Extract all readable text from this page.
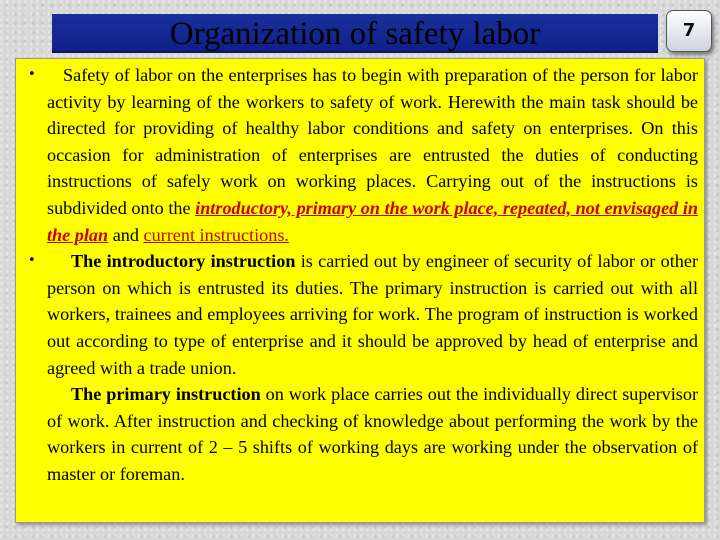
Organization of safety labor	7

• Safety of labor on the enterprises has to begin with preparation of the person for labor activity by learning of the workers to safety of work. Herewith the main task should be directed for providing of healthy labor conditions and safety on enterprises. On this occasion for administration of enterprises are entrusted the duties of conducting instructions of safely work on working places. Carrying out of the instructions is subdivided onto the introductory, primary on the work place, repeated, not envisaged in the plan and current instructions.

• The introductory instruction is carried out by engineer of security of labor or other person on which is entrusted its duties. The primary instruction is carried out with all workers, trainees and employees arriving for work. The program of instruction is worked out according to type of enterprise and it should be approved by head of enterprise and agreed with a trade union.
The primary instruction on work place carries out the individually direct supervisor of work. After instruction and checking of knowledge about performing the work by the workers in current of 2 – 5 shifts of working days are working under the observation of master or foreman.
